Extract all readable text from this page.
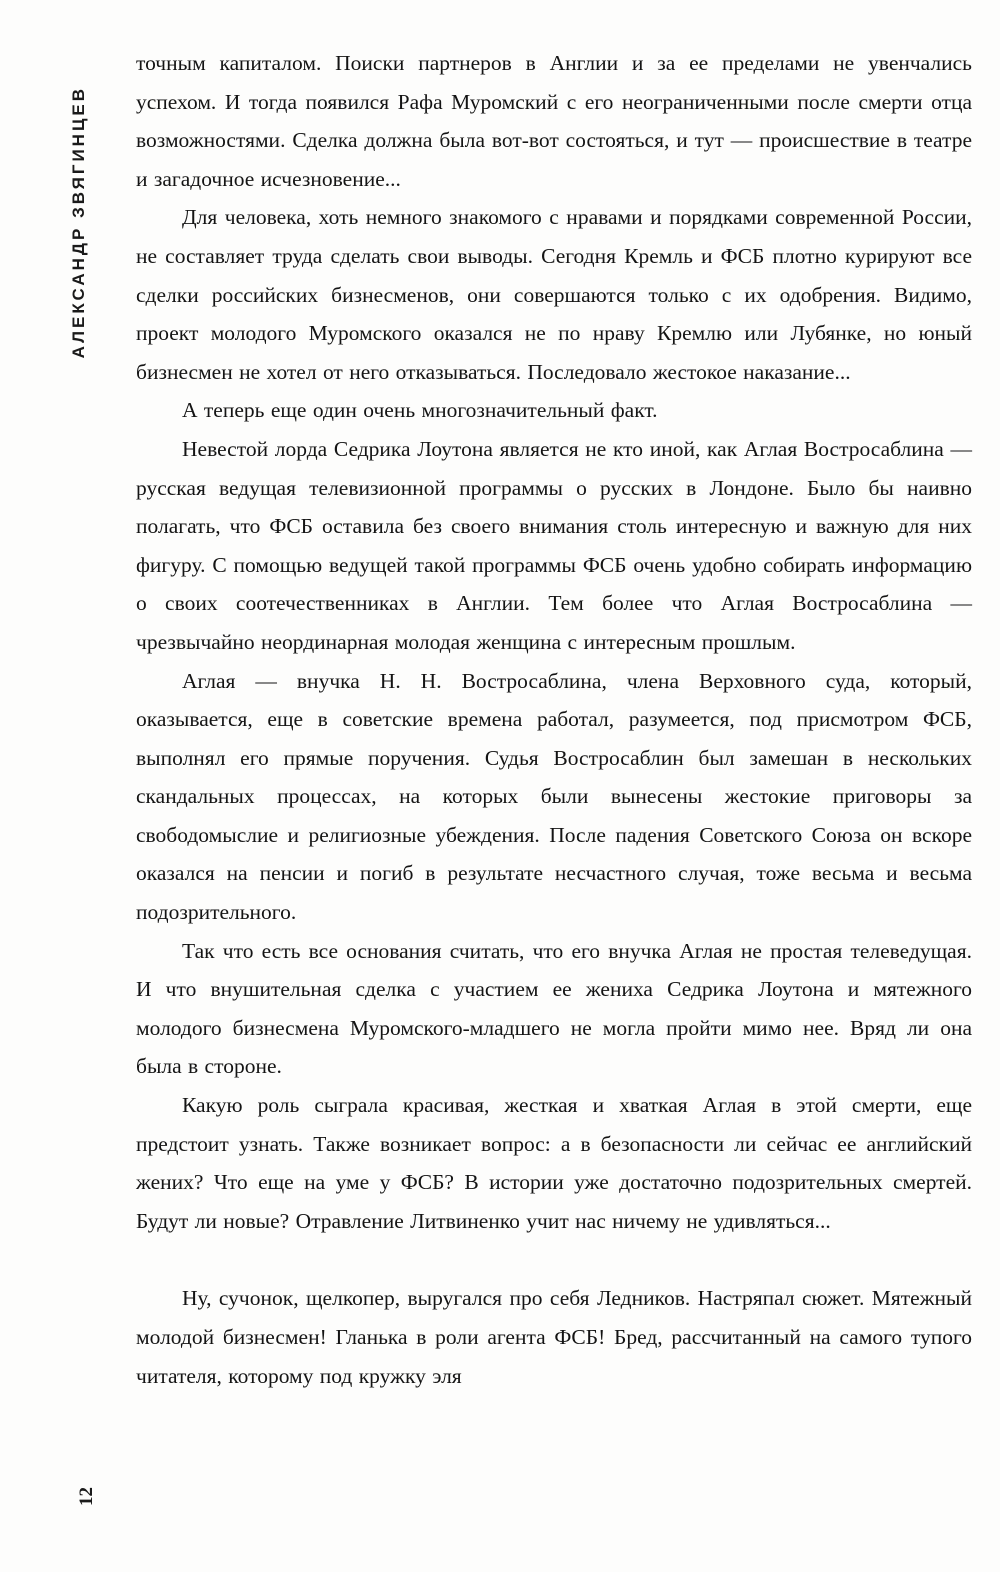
АЛЕКСАНДР ЗВЯГИНЦЕВ
12

точным капиталом. Поиски партнеров в Англии и за ее пределами не увенчались успехом. И тогда появился Рафа Муромский с его неограниченными после смерти отца возможностями. Сделка должна была вот-вот состояться, и тут — происшествие в театре и загадочное исчезновение...

Для человека, хоть немного знакомого с нравами и порядками современной России, не составляет труда сделать свои выводы. Сегодня Кремль и ФСБ плотно курируют все сделки российских бизнесменов, они совершаются только с их одобрения. Видимо, проект молодого Муромского оказался не по нраву Кремлю или Лубянке, но юный бизнесмен не хотел от него отказываться. Последовало жестокое наказание...

А теперь еще один очень многозначительный факт.

Невестой лорда Седрика Лоутона является не кто иной, как Аглая Востросаблина — русская ведущая телевизионной программы о русских в Лондоне. Было бы наивно полагать, что ФСБ оставила без своего внимания столь интересную и важную для них фигуру. С помощью ведущей такой программы ФСБ очень удобно собирать информацию о своих соотечественниках в Англии. Тем более что Аглая Востросаблина — чрезвычайно неординарная молодая женщина с интересным прошлым.

Аглая — внучка Н. Н. Востросаблина, члена Верховного суда, который, оказывается, еще в советские времена работал, разумеется, под присмотром ФСБ, выполнял его прямые поручения. Судья Востросаблин был замешан в нескольких скандальных процессах, на которых были вынесены жестокие приговоры за свободомыслие и религиозные убеждения. После падения Советского Союза он вскоре оказался на пенсии и погиб в результате несчастного случая, тоже весьма и весьма подозрительного.

Так что есть все основания считать, что его внучка Аглая не простая телеведущая. И что внушительная сделка с участием ее жениха Седрика Лоутона и мятежного молодого бизнесмена Муромского-младшего не могла пройти мимо нее. Вряд ли она была в стороне.

Какую роль сыграла красивая, жесткая и хваткая Аглая в этой смерти, еще предстоит узнать. Также возникает вопрос: а в безопасности ли сейчас ее английский жених? Что еще на уме у ФСБ? В истории уже достаточно подозрительных смертей. Будут ли новые? Отравление Литвиненко учит нас ничему не удивляться...

Ну, сучонок, щелкопер, выругался про себя Ледников. Настряпал сюжет. Мятежный молодой бизнесмен! Гланька в роли агента ФСБ! Бред, рассчитанный на самого тупого читателя, которому под кружку эля
